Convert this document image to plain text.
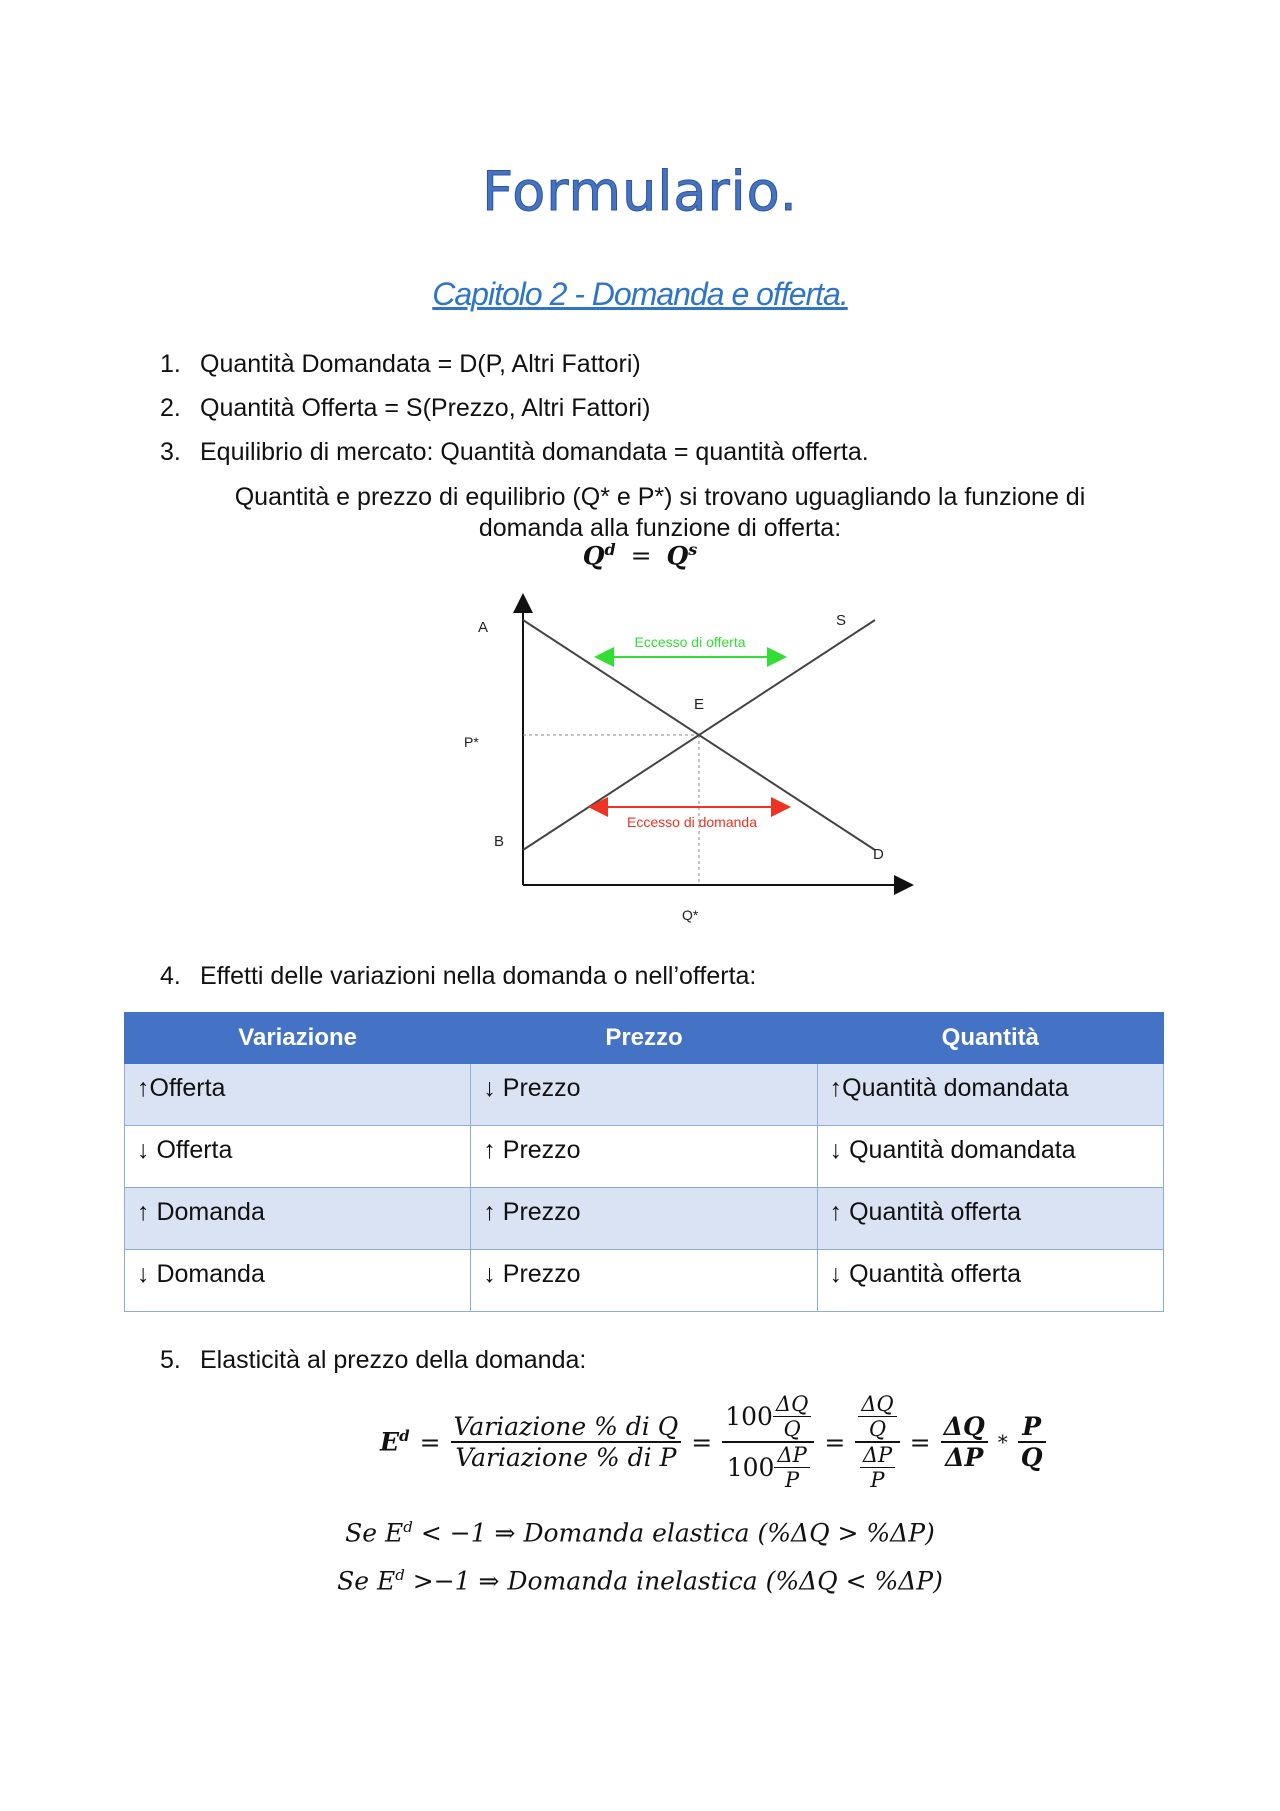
Formulario.
Capitolo 2 - Domanda e offerta.
1. Quantità Domandata = D(P, Altri Fattori)
2. Quantità Offerta = S(Prezzo, Altri Fattori)
3. Equilibrio di mercato: Quantità domandata = quantità offerta.
Quantità e prezzo di equilibrio (Q* e P*) si trovano uguagliando la funzione di
domanda alla funzione di offerta:
$Q^d = Q^s$
Eccesso di offerta
Eccesso di domanda
A
B
E
P*
Q*
S
D
4. Effetti delle variazioni nella domanda o nell’offerta:
Variazione	Prezzo	Quantità
↑Offerta	↓ Prezzo	↑Quantità domandata
↓ Offerta	↑ Prezzo	↓ Quantità domandata
↑ Domanda	↑ Prezzo	↑ Quantità offerta
↓ Domanda	↓ Prezzo	↓ Quantità offerta
5. Elasticità al prezzo della domanda:
$E^d = \frac{\text{Variazione \% di Q}}{\text{Variazione \% di P}} = \frac{100 \frac{\Delta Q}{Q}}{100 \frac{\Delta P}{P}} = \Delta Q$
Q
$\frac{\Delta P}{P} = \frac{\Delta Q}{\Delta P} * \frac{P}{Q}$
Se $E^d < -1$ ⇒ Domanda elastica (%ΔQ > %ΔP)
Se $E^d >-1$ ⇒ Domanda inelastica (%ΔQ < %ΔP)
